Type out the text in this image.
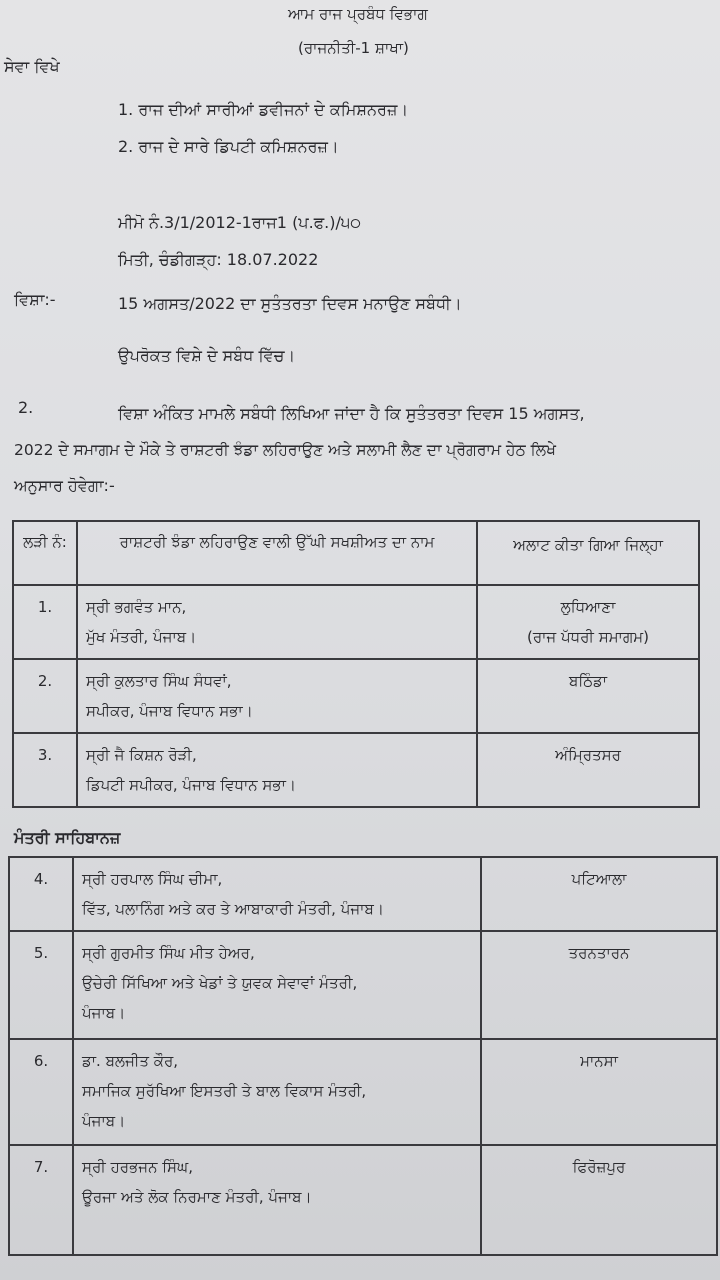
ਆਮ ਰਾਜ ਪ੍ਰਬੰਧ ਵਿਭਾਗ
(ਰਾਜਨੀਤੀ-1 ਸ਼ਾਖਾ)
ਸੇਵਾ ਵਿਖੇ
1. ਰਾਜ ਦੀਆਂ ਸਾਰੀਆਂ ਡਵੀਜਨਾਂ ਦੇ ਕਮਿਸ਼ਨਰਜ਼।
2. ਰਾਜ ਦੇ ਸਾਰੇ ਡਿਪਟੀ ਕਮਿਸ਼ਨਰਜ਼।
ਮੀਮੋ ਨੰ.3/1/2012-1ਰਾਜ1 (ਪ.ਫ.)/੫੦
ਮਿਤੀ, ਚੰਡੀਗੜ੍ਹ: 18.07.2022
ਵਿਸ਼ਾ:-	15 ਅਗਸਤ/2022 ਦਾ ਸੁਤੰਤਰਤਾ ਦਿਵਸ ਮਨਾਉਣ ਸਬੰਧੀ।
ਉਪਰੋਕਤ ਵਿਸ਼ੇ ਦੇ ਸਬੰਧ ਵਿੱਚ।
2.	ਵਿਸ਼ਾ ਅੰਕਿਤ ਮਾਮਲੇ ਸਬੰਧੀ ਲਿਖਿਆ ਜਾਂਦਾ ਹੈ ਕਿ ਸੁਤੰਤਰਤਾ ਦਿਵਸ 15 ਅਗਸਤ,
2022 ਦੇ ਸਮਾਗਮ ਦੇ ਮੌਕੇ ਤੇ ਰਾਸ਼ਟਰੀ ਝੰਡਾ ਲਹਿਰਾਉਣ ਅਤੇ ਸਲਾਮੀ ਲੈਣ ਦਾ ਪ੍ਰੋਗਰਾਮ ਹੇਠ ਲਿਖੇ
ਅਨੁਸਾਰ ਹੋਵੇਗਾ:-
ਲੜੀ ਨੰ:	ਰਾਸ਼ਟਰੀ ਝੰਡਾ ਲਹਿਰਾਉਣ ਵਾਲੀ ਉੱਘੀ ਸਖਸ਼ੀਅਤ ਦਾ ਨਾਮ	ਅਲਾਟ ਕੀਤਾ ਗਿਆ ਜਿਲ੍ਹਾ
1.	ਸ੍ਰੀ ਭਗਵੰਤ ਮਾਨ,
ਮੁੱਖ ਮੰਤਰੀ, ਪੰਜਾਬ।	ਲੁਧਿਆਣਾ
(ਰਾਜ ਪੱਧਰੀ ਸਮਾਗਮ)

2.	ਸ੍ਰੀ ਕੁਲਤਾਰ ਸਿੰਘ ਸੰਧਵਾਂ,
ਸਪੀਕਰ, ਪੰਜਾਬ ਵਿਧਾਨ ਸਭਾ।	ਬਠਿੰਡਾ

3.	ਸ੍ਰੀ ਜੈ ਕਿਸ਼ਨ ਰੋੜੀ,
ਡਿਪਟੀ ਸਪੀਕਰ, ਪੰਜਾਬ ਵਿਧਾਨ ਸਭਾ।	ਅੰਮ੍ਰਿਤਸਰ
ਮੰਤਰੀ ਸਾਹਿਬਾਨਜ਼
4.	ਸ੍ਰੀ ਹਰਪਾਲ ਸਿੰਘ ਚੀਮਾ,
ਵਿੱਤ, ਪਲਾਨਿੰਗ ਅਤੇ ਕਰ ਤੇ ਆਬਾਕਾਰੀ ਮੰਤਰੀ, ਪੰਜਾਬ।	ਪਟਿਆਲਾ

5.	ਸ੍ਰੀ ਗੁਰਮੀਤ ਸਿੰਘ ਮੀਤ ਹੇਅਰ,
ਉਚੇਰੀ ਸਿੱਖਿਆ ਅਤੇ ਖੇਡਾਂ ਤੇ ਯੁਵਕ ਸੇਵਾਵਾਂ ਮੰਤਰੀ,
ਪੰਜਾਬ।	ਤਰਨਤਾਰਨ

6.	ਡਾ. ਬਲਜੀਤ ਕੌਰ,
ਸਮਾਜਿਕ ਸੁਰੱਖਿਆ ਇਸਤਰੀ ਤੇ ਬਾਲ ਵਿਕਾਸ ਮੰਤਰੀ,
ਪੰਜਾਬ।	ਮਾਨਸਾ

7.	ਸ੍ਰੀ ਹਰਭਜਨ ਸਿੰਘ,
ਊਰਜਾ ਅਤੇ ਲੋਕ ਨਿਰਮਾਣ ਮੰਤਰੀ, ਪੰਜਾਬ।	ਫਿਰੋਜ਼ਪੁਰ
